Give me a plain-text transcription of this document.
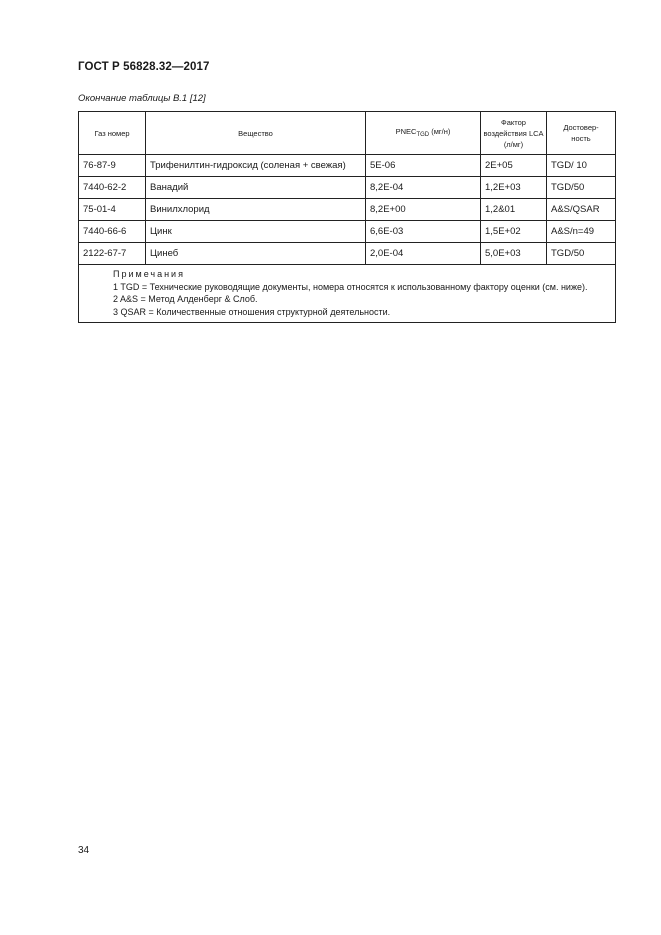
ГОСТ Р 56828.32—2017
Окончание таблицы В.1 [12]
Газ номер	Вещество	$PNEC_{TGD}$ (мг/н)	Фактор воздействия LCA (л/мг)	Достовер-ность
76-87-9	Трифенилтин-гидроксид (соленая + свежая)	5E-06	2E+05	TGD/ 10
7440-62-2	Ванадий	8,2E-04	1,2E+03	TGD/50
75-01-4	Винилхлорид	8,2E+00	1,2&01	A&S/QSAR
7440-66-6	Цинк	6,6E-03	1,5E+02	A&S/n=49
2122-67-7	Цинеб	2,0E-04	5,0E+03	TGD/50

Примечания
1 TGD = Технические руководящие документы, номера относятся к использованному фактору оценки (см. ниже).
2 A&S = Метод Алденберг & Слоб.
3 QSAR = Количественные отношения структурной деятельности.				
34
